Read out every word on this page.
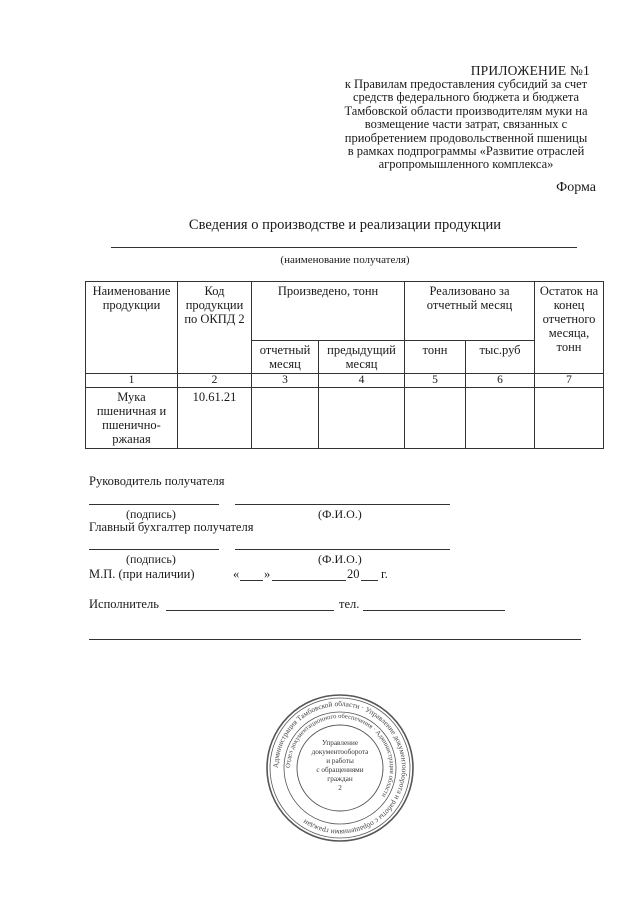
ПРИЛОЖЕНИЕ №1
к Правилам предоставления субсидий за счет
средств федерального бюджета и бюджета
Тамбовской области производителям муки на
возмещение части затрат, связанных с
приобретением продовольственной пшеницы
в рамках подпрограммы «Развитие отраслей
агропромышленного комплекса»
Форма
Сведения о производстве и реализации продукции
(наименование получателя)
Наименование продукции	Код продукции по ОКПД 2	Произведено, тонн		Реализовано за отчетный месяц		Остаток на конец отчетного месяца, тонн
		отчетный месяц	предыдущий месяц	тонн	тыс.руб	
1	2	3	4	5	6	7
Мука пшеничная и пшенично-ржаная	10.61.21					
Руководитель получателя
(подпись)	(Ф.И.О.)
Главный бухгалтер получателя
(подпись)	(Ф.И.О.)
М.П. (при наличии)	« »	20 г.
Исполнитель	тел.
Администрация Тамбовской области · Управление документооборота и работы с обращениями граждан
Отдел документационного обеспечения · Администрация области
Управление
документооборота
и работы
с обращениями
граждан
2
